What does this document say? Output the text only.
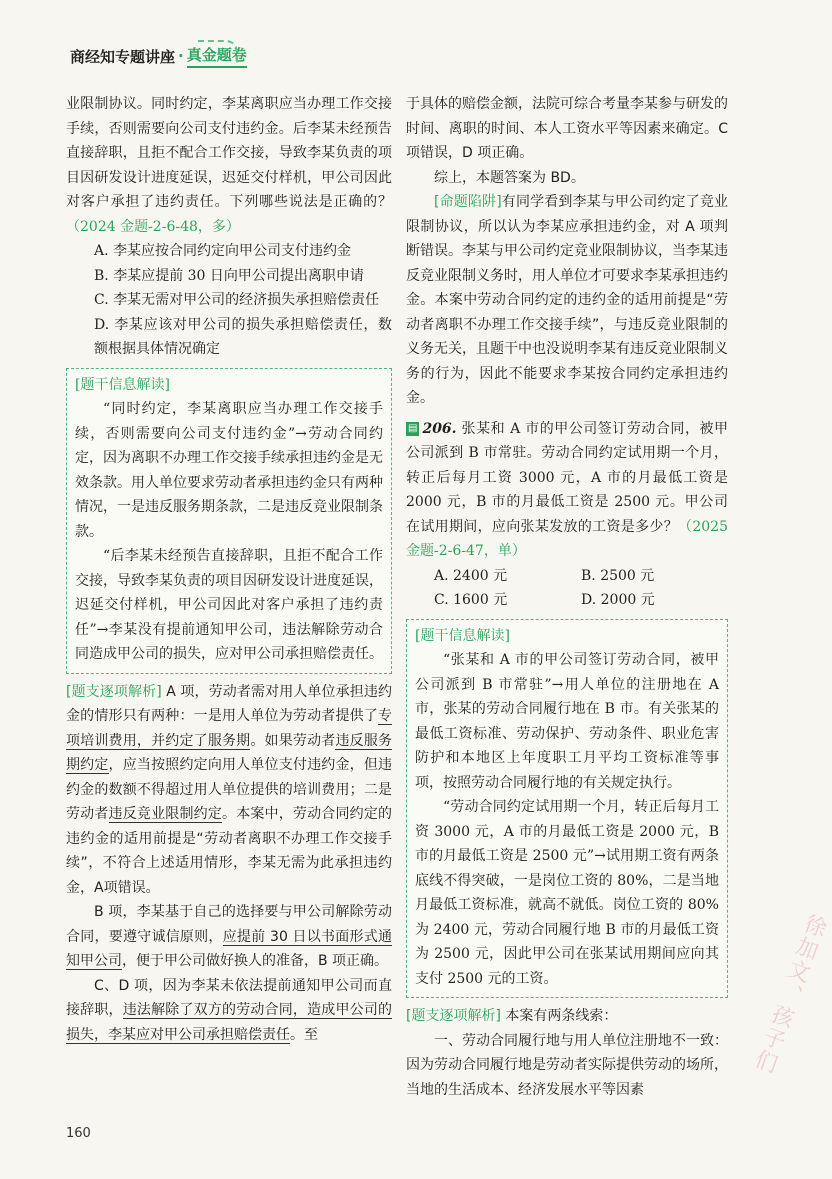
商经知专题讲座 · 真金题卷

业限制协议。同时约定，李某离职应当办理工作交接手续，否则需要向公司支付违约金。后李某未经预告直接辞职，且拒不配合工作交接，导致李某负责的项目因研发设计进度延误，迟延交付样机，甲公司因此对客户承担了违约责任。下列哪些说法是正确的？（2024 金题-2-6-48，多）

A. 李某应按合同约定向甲公司支付违约金

B. 李某应提前 30 日向甲公司提出离职申请

C. 李某无需对甲公司的经济损失承担赔偿责任

D. 李某应该对甲公司的损失承担赔偿责任，数额根据具体情况确定

[题干信息解读]

“同时约定，李某离职应当办理工作交接手续，否则需要向公司支付违约金”→劳动合同约定，因为离职不办理工作交接手续承担违约金是无效条款。用人单位要求劳动者承担违约金只有两种情况，一是违反服务期条款，二是违反竞业限制条款。

“后李某未经预告直接辞职，且拒不配合工作交接，导致李某负责的项目因研发设计进度延误，迟延交付样机，甲公司因此对客户承担了违约责任”→李某没有提前通知甲公司，违法解除劳动合同造成甲公司的损失，应对甲公司承担赔偿责任。

[题支逐项解析] A 项，劳动者需对用人单位承担违约金的情形只有两种：一是用人单位为劳动者提供了专项培训费用，并约定了服务期。如果劳动者违反服务期约定，应当按照约定向用人单位支付违约金，但违约金的数额不得超过用人单位提供的培训费用；二是劳动者违反竞业限制约定。本案中，劳动合同约定的违约金的适用前提是“劳动者离职不办理工作交接手续”，不符合上述适用情形，李某无需为此承担违约金，A项错误。

B 项，李某基于自己的选择要与甲公司解除劳动合同，要遵守诚信原则，应提前 30 日以书面形式通知甲公司，便于甲公司做好换人的准备，B 项正确。

C、D 项，因为李某未依法提前通知甲公司而直接辞职，违法解除了双方的劳动合同，造成甲公司的损失，李某应对甲公司承担赔偿责任。至

于具体的赔偿金额，法院可综合考量李某参与研发的时间、离职的时间、本人工资水平等因素来确定。C 项错误，D 项正确。

综上，本题答案为 BD。

[命题陷阱]有同学看到李某与甲公司约定了竞业限制协议，所以认为李某应承担违约金，对 A 项判断错误。李某与甲公司约定竞业限制协议，当李某违反竞业限制义务时，用人单位才可要求李某承担违约金。本案中劳动合同约定的违约金的适用前提是“劳动者离职不办理工作交接手续”，与违反竞业限制的义务无关，且题干中也没说明李某有违反竞业限制义务的行为，因此不能要求李某按合同约定承担违约金。

▤ 206. 张某和 A 市的甲公司签订劳动合同，被甲公司派到 B 市常驻。劳动合同约定试用期一个月，转正后每月工资 3000 元，A 市的月最低工资是 2000 元，B 市的月最低工资是 2500 元。甲公司在试用期间，应向张某发放的工资是多少？（2025 金题-2-6-47，单）

A. 2400 元	B. 2500 元
C. 1600 元	D. 2000 元
[题干信息解读]

“张某和 A 市的甲公司签订劳动合同，被甲公司派到 B 市常驻”→用人单位的注册地在 A 市，张某的劳动合同履行地在 B 市。有关张某的最低工资标准、劳动保护、劳动条件、职业危害防护和本地区上年度职工月平均工资标准等事项，按照劳动合同履行地的有关规定执行。

“劳动合同约定试用期一个月，转正后每月工资 3000 元，A 市的月最低工资是 2000 元，B 市的月最低工资是 2500 元”→试用期工资有两条底线不得突破，一是岗位工资的 80%，二是当地月最低工资标准，就高不就低。岗位工资的 80% 为 2400 元，劳动合同履行地 B 市的月最低工资为 2500 元，因此甲公司在张某试用期间应向其支付 2500 元的工资。

[题支逐项解析] 本案有两条线索：

一、劳动合同履行地与用人单位注册地不一致：因为劳动合同履行地是劳动者实际提供劳动的场所，当地的生活成本、经济发展水平等因素

160
徐加文、孩子们
